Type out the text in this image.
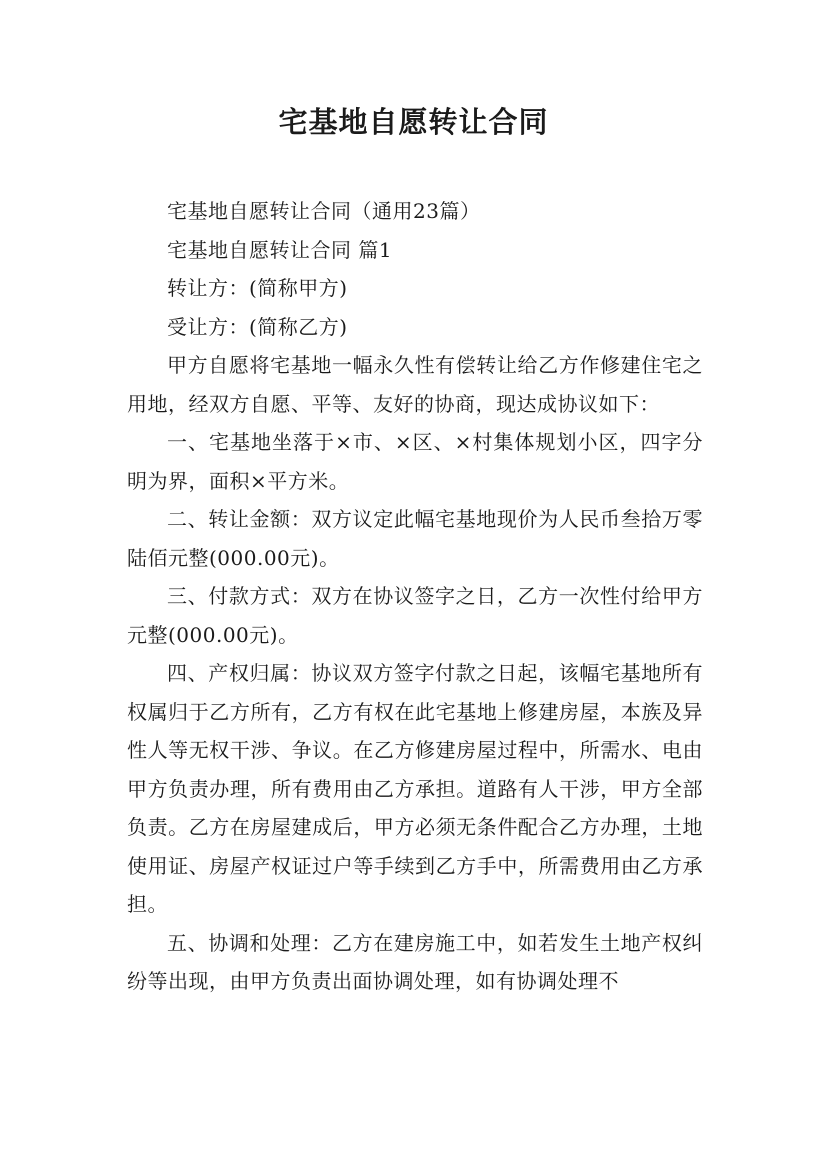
宅基地自愿转让合同

宅基地自愿转让合同（通用23篇）

宅基地自愿转让合同 篇1

转让方：(简称甲方)

受让方：(简称乙方)

甲方自愿将宅基地一幅永久性有偿转让给乙方作修建住宅之用地，经双方自愿、平等、友好的协商，现达成协议如下：

一、宅基地坐落于×市、×区、×村集体规划小区，四字分明为界，面积×平方米。

二、转让金额：双方议定此幅宅基地现价为人民币叁拾万零陆佰元整(000.00元)。

三、付款方式：双方在协议签字之日，乙方一次性付给甲方 元整(000.00元)。

四、产权归属：协议双方签字付款之日起，该幅宅基地所有权属归于乙方所有，乙方有权在此宅基地上修建房屋，本族及异性人等无权干涉、争议。在乙方修建房屋过程中，所需水、电由甲方负责办理，所有费用由乙方承担。道路有人干涉，甲方全部负责。乙方在房屋建成后，甲方必须无条件配合乙方办理，土地使用证、房屋产权证过户等手续到乙方手中，所需费用由乙方承担。

五、协调和处理：乙方在建房施工中，如若发生土地产权纠纷等出现，由甲方负责出面协调处理，如有协调处理不
